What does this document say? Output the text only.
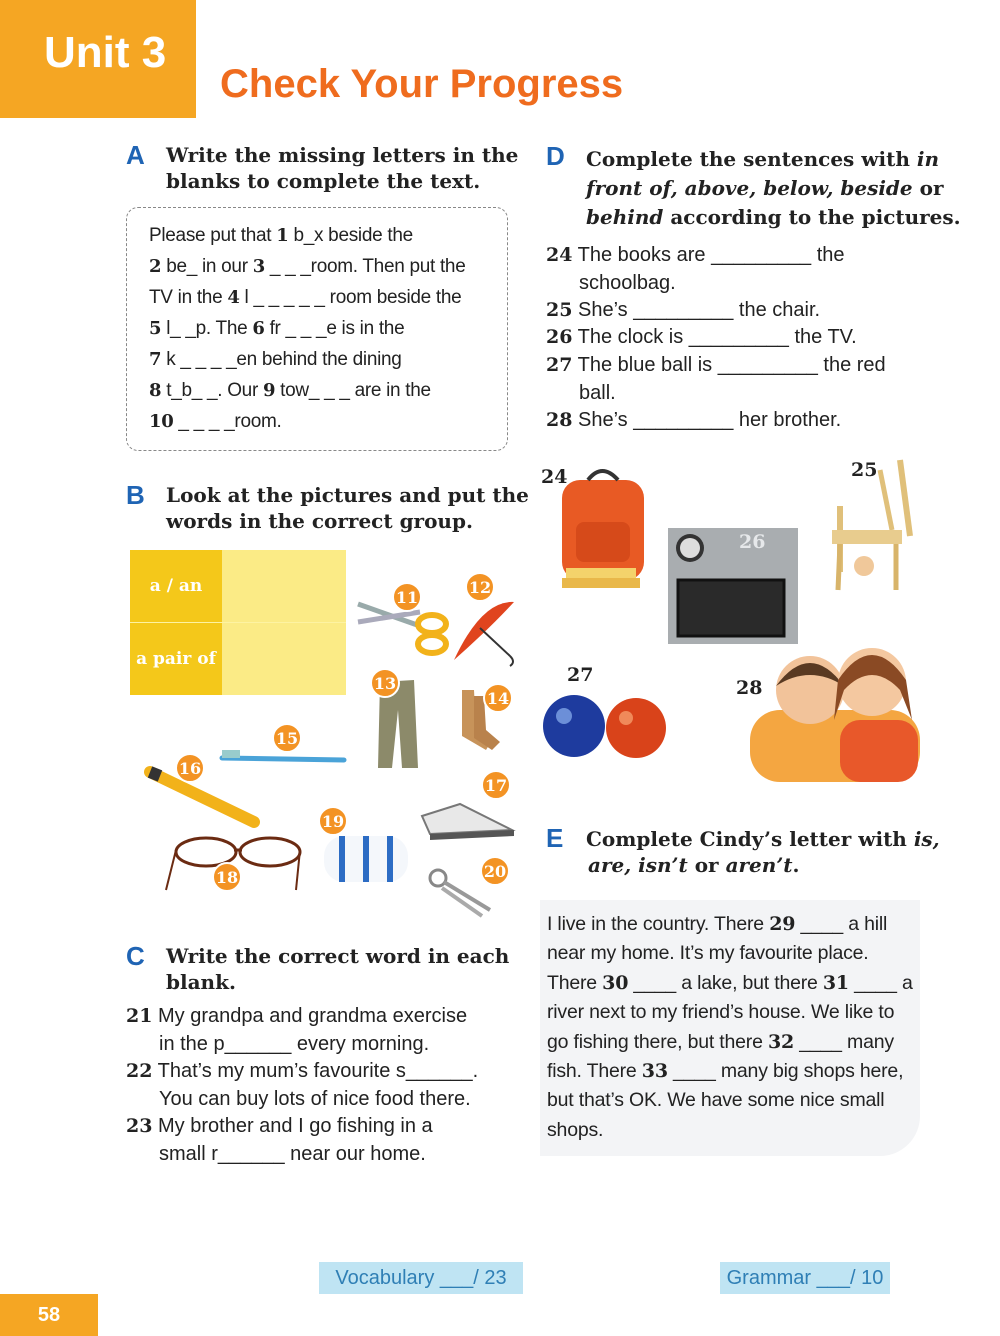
Unit 3
Check Your Progress
A Write the missing letters in the
blanks to complete the text.
Please put that 1 b_x beside the
2 be_ in our 3 _ _ _room. Then put the
TV in the 4 l _ _ _ _ _ room beside the
5 l_ _p. The 6 fr _ _ _e is in the
7 k _ _ _ _en behind the dining
8 t_b_ _. Our 9 tow_ _ _ are in the
10 _ _ _ _room.
B Look at the pictures and put the
words in the correct group.
a / an
a pair of
11
12
13
14
15
16
17
18
19
20
C Write the correct word in each
blank.
21 My grandpa and grandma exercise
in the p______ every morning.
22 That’s my mum’s favourite s______.
You can buy lots of nice food there.
23 My brother and I go fishing in a
small r______ near our home.
D Complete the sentences with in
front of, above, below, beside or
behind according to the pictures.
24 The books are _________ the
schoolbag.
25 She’s _________ the chair.
26 The clock is _________ the TV.
27 The blue ball is _________ the red
ball.
28 She’s _________ her brother.
24	25
26
27
28
E Complete Cindy’s letter with is,
are, isn’t or aren’t.
I live in the country. There 29 ____ a hill
near my home. It’s my favourite place.
There 30 ____ a lake, but there 31 ____ a
river next to my friend’s house. We like to
go fishing there, but there 32 ____ many
fish. There 33 ____ many big shops here,
but that’s OK. We have some nice small
shops.
Vocabulary ___/ 23	Grammar ___/ 10
58
